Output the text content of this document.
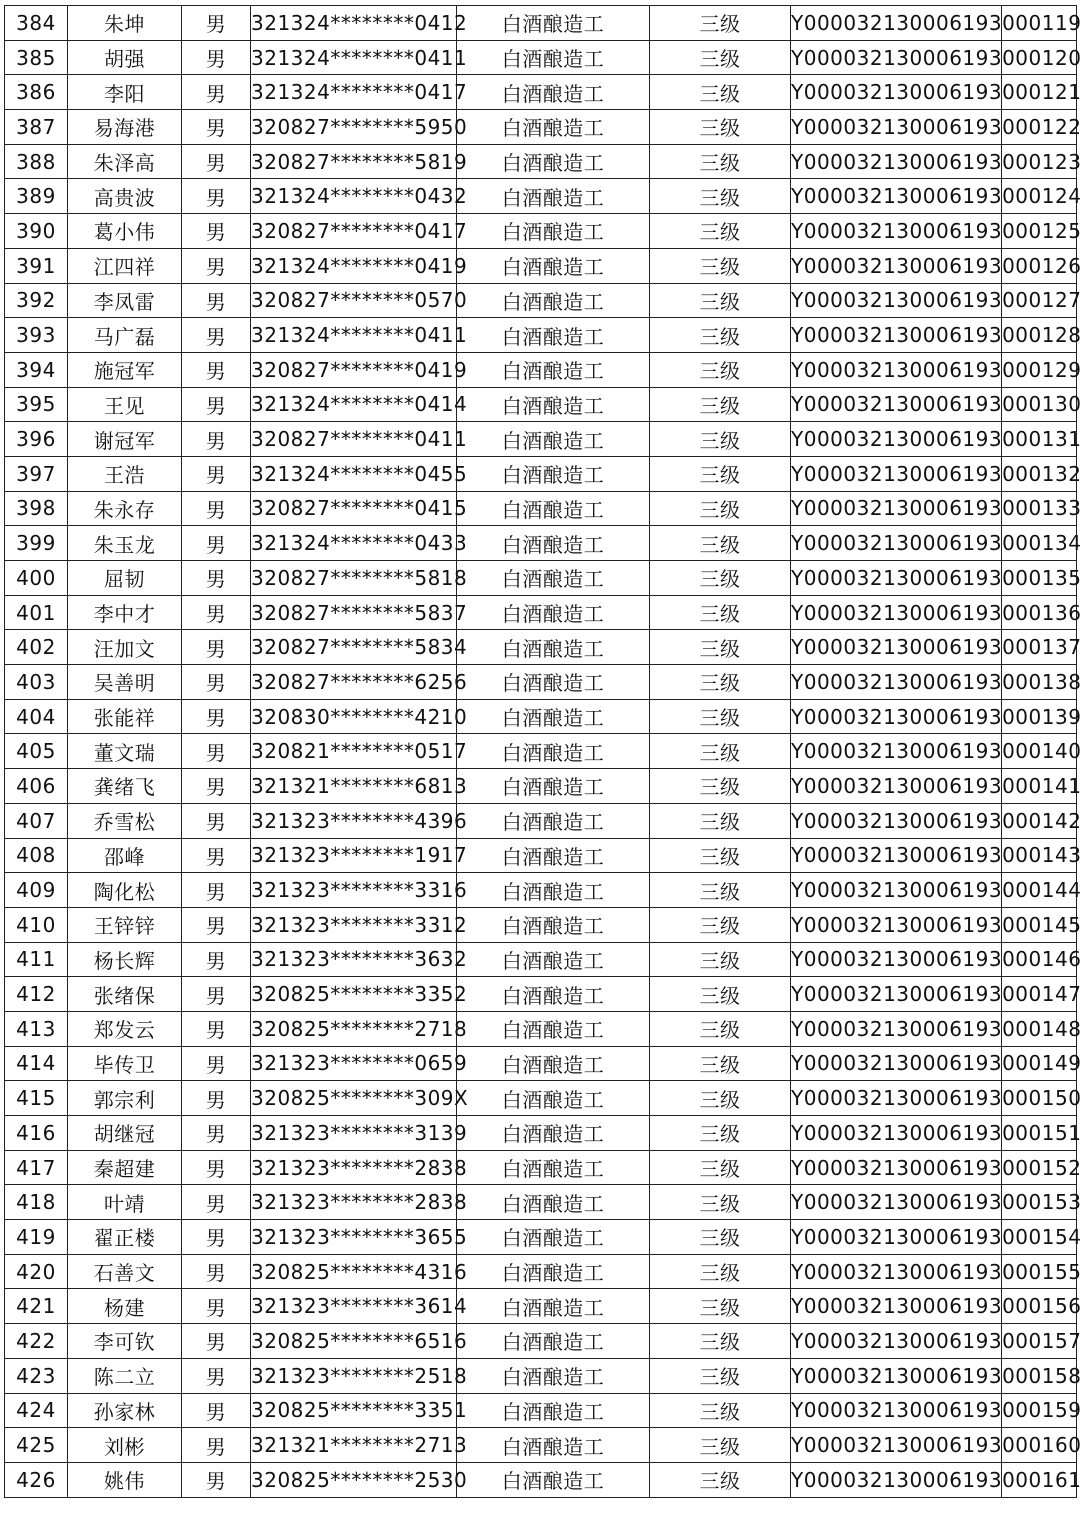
384	朱坤	男	321324********0412	白酒酿造工	三级	Y000032130006193000119	
385	胡强	男	321324********0411	白酒酿造工	三级	Y000032130006193000120	
386	李阳	男	321324********0417	白酒酿造工	三级	Y000032130006193000121	
387	易海港	男	320827********5950	白酒酿造工	三级	Y000032130006193000122	
388	朱泽高	男	320827********5819	白酒酿造工	三级	Y000032130006193000123	
389	高贵波	男	321324********0432	白酒酿造工	三级	Y000032130006193000124	
390	葛小伟	男	320827********0417	白酒酿造工	三级	Y000032130006193000125	
391	江四祥	男	321324********0419	白酒酿造工	三级	Y000032130006193000126	
392	李凤雷	男	320827********0570	白酒酿造工	三级	Y000032130006193000127	
393	马广磊	男	321324********0411	白酒酿造工	三级	Y000032130006193000128	
394	施冠军	男	320827********0419	白酒酿造工	三级	Y000032130006193000129	
395	王见	男	321324********0414	白酒酿造工	三级	Y000032130006193000130	
396	谢冠军	男	320827********0411	白酒酿造工	三级	Y000032130006193000131	
397	王浩	男	321324********0455	白酒酿造工	三级	Y000032130006193000132	
398	朱永存	男	320827********0415	白酒酿造工	三级	Y000032130006193000133	
399	朱玉龙	男	321324********0433	白酒酿造工	三级	Y000032130006193000134	
400	屈韧	男	320827********5818	白酒酿造工	三级	Y000032130006193000135	
401	李中才	男	320827********5837	白酒酿造工	三级	Y000032130006193000136	
402	汪加文	男	320827********5834	白酒酿造工	三级	Y000032130006193000137	
403	吴善明	男	320827********6256	白酒酿造工	三级	Y000032130006193000138	
404	张能祥	男	320830********4210	白酒酿造工	三级	Y000032130006193000139	
405	董文瑞	男	320821********0517	白酒酿造工	三级	Y000032130006193000140	
406	龚绪飞	男	321321********6813	白酒酿造工	三级	Y000032130006193000141	
407	乔雪松	男	321323********4396	白酒酿造工	三级	Y000032130006193000142	
408	邵峰	男	321323********1917	白酒酿造工	三级	Y000032130006193000143	
409	陶化松	男	321323********3316	白酒酿造工	三级	Y000032130006193000144	
410	王锌锌	男	321323********3312	白酒酿造工	三级	Y000032130006193000145	
411	杨长辉	男	321323********3632	白酒酿造工	三级	Y000032130006193000146	
412	张绪保	男	320825********3352	白酒酿造工	三级	Y000032130006193000147	
413	郑发云	男	320825********2718	白酒酿造工	三级	Y000032130006193000148	
414	毕传卫	男	321323********0659	白酒酿造工	三级	Y000032130006193000149	
415	郭宗利	男	320825********309X	白酒酿造工	三级	Y000032130006193000150	
416	胡继冠	男	321323********3139	白酒酿造工	三级	Y000032130006193000151	
417	秦超建	男	321323********2838	白酒酿造工	三级	Y000032130006193000152	
418	叶靖	男	321323********2838	白酒酿造工	三级	Y000032130006193000153	
419	翟正楼	男	321323********3655	白酒酿造工	三级	Y000032130006193000154	
420	石善文	男	320825********4316	白酒酿造工	三级	Y000032130006193000155	
421	杨建	男	321323********3614	白酒酿造工	三级	Y000032130006193000156	
422	李可钦	男	320825********6516	白酒酿造工	三级	Y000032130006193000157	
423	陈二立	男	321323********2518	白酒酿造工	三级	Y000032130006193000158	
424	孙家林	男	320825********3351	白酒酿造工	三级	Y000032130006193000159	
425	刘彬	男	321321********2713	白酒酿造工	三级	Y000032130006193000160	
426	姚伟	男	320825********2530	白酒酿造工	三级	Y000032130006193000161	
